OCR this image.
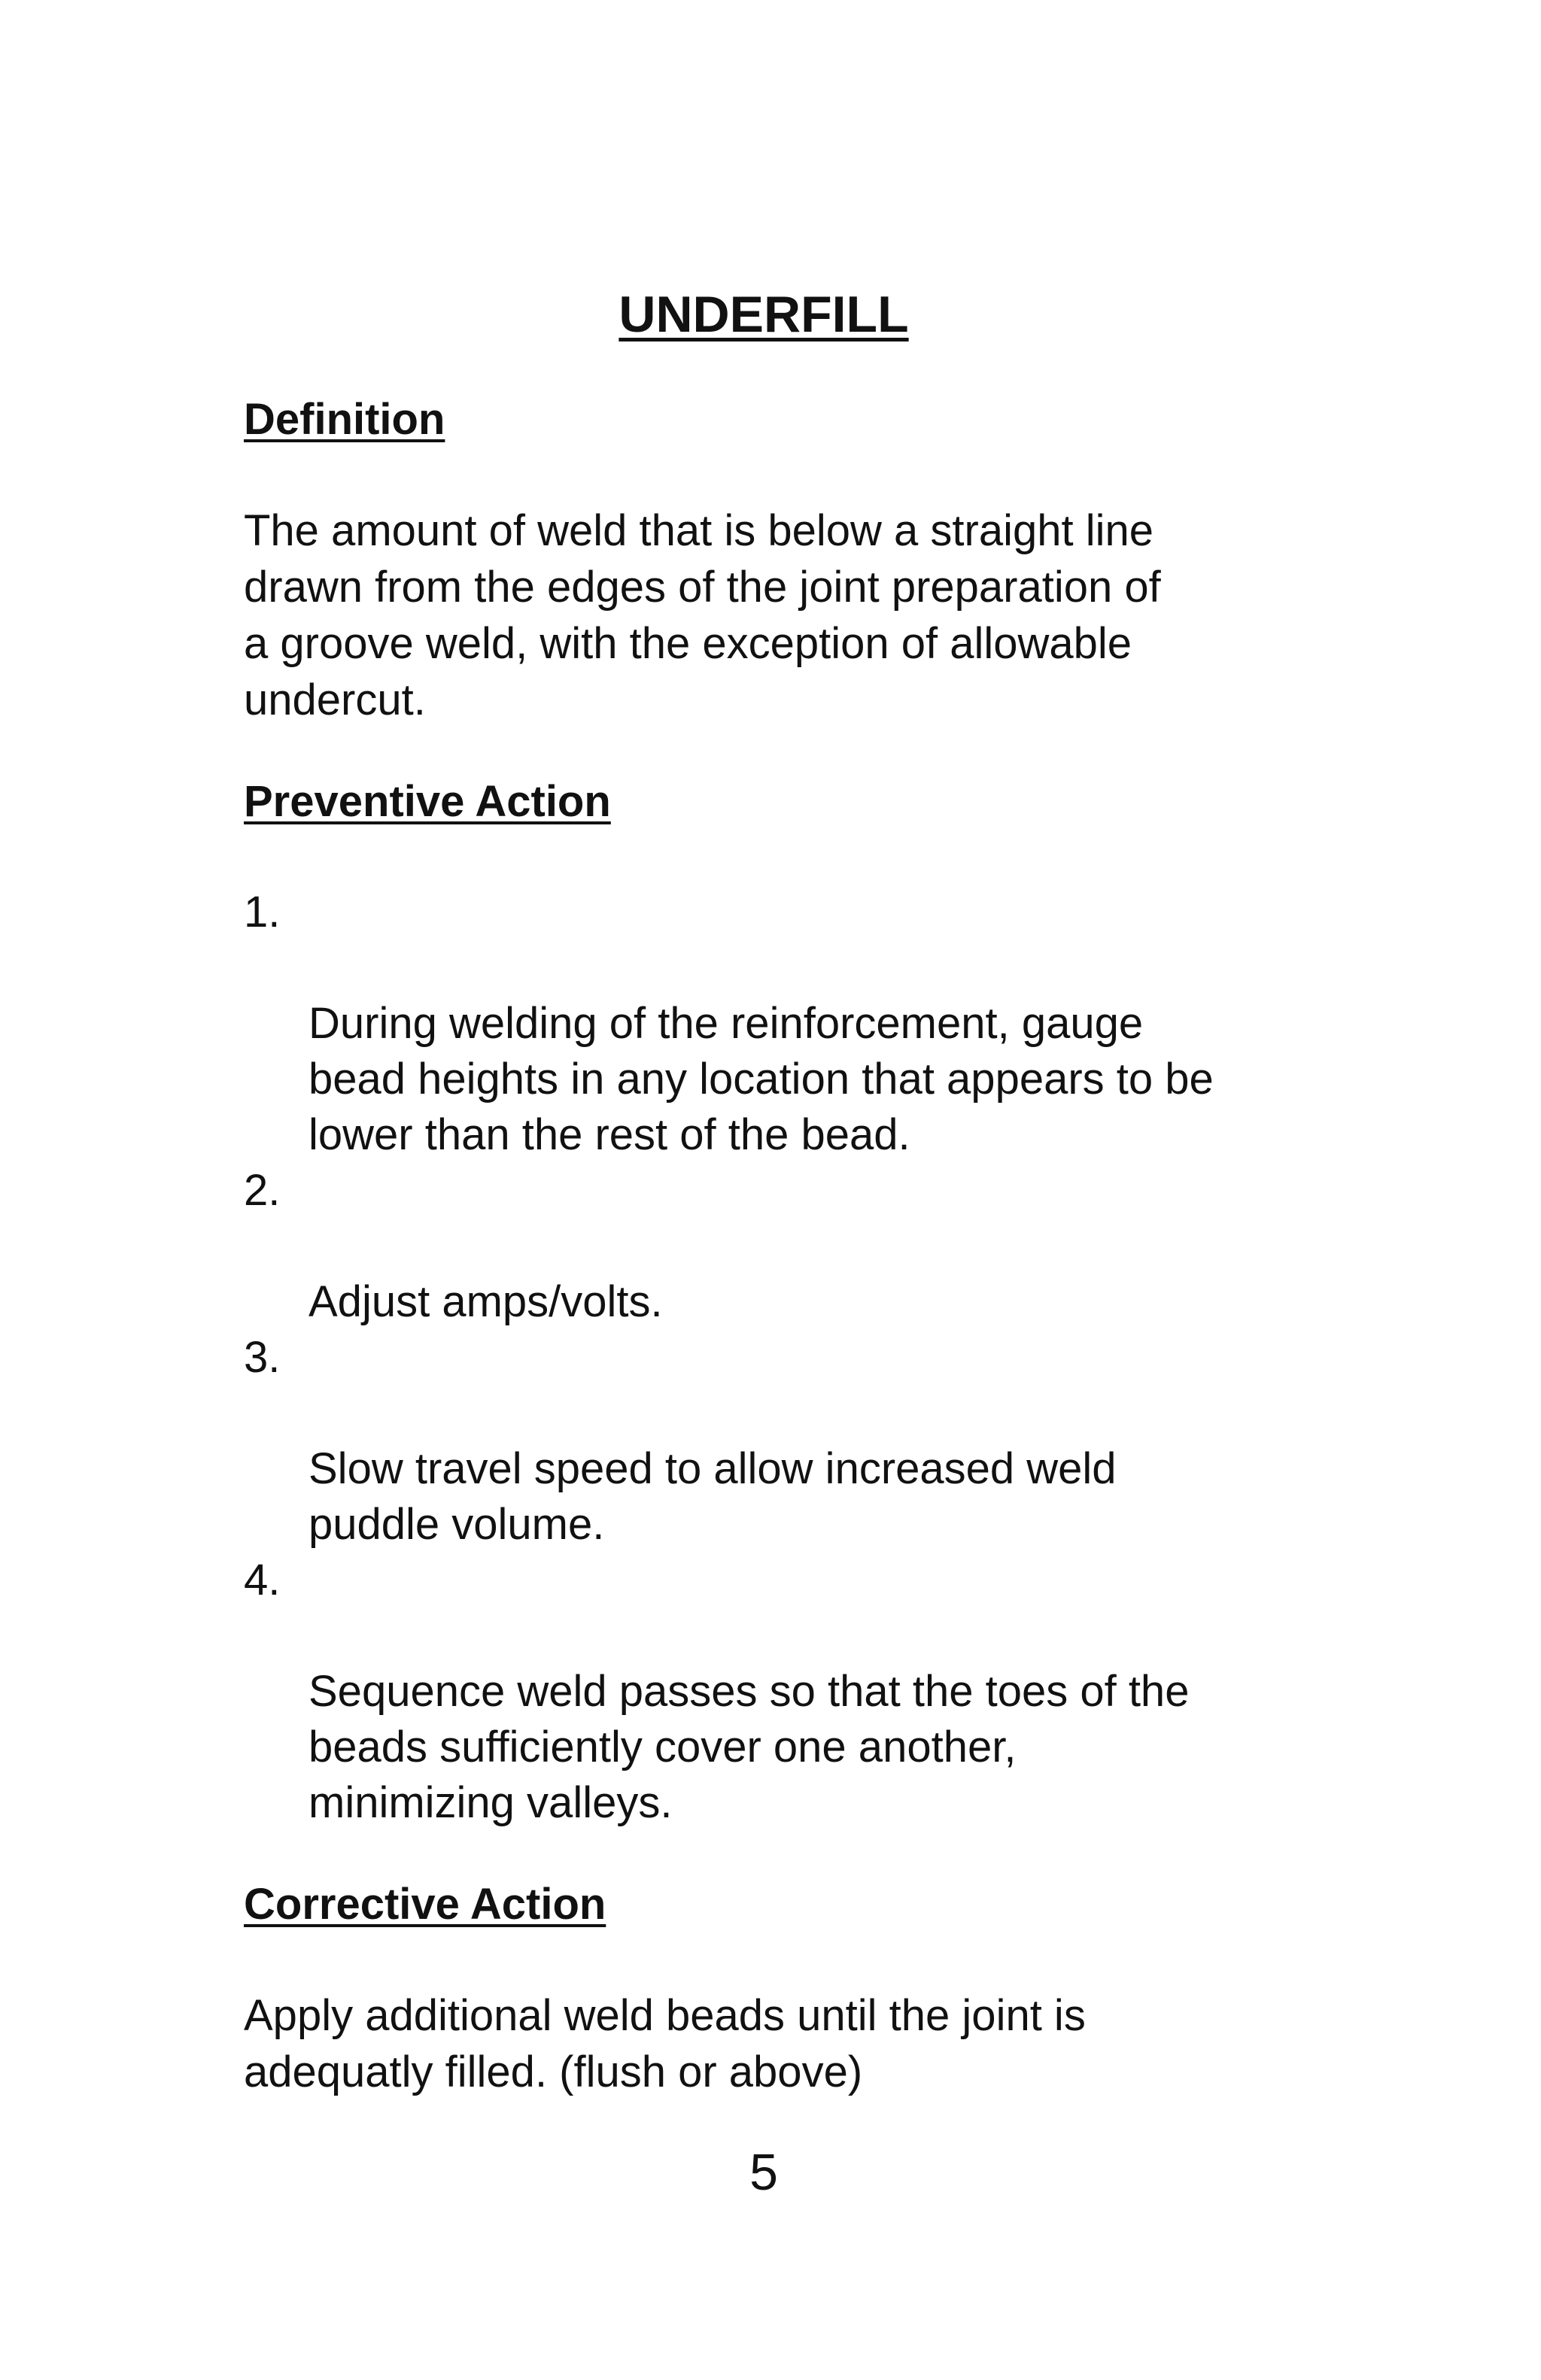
UNDERFILL
Definition

The amount of weld that is below a straight line
drawn from the edges of the joint preparation of
a groove weld, with the exception of allowable
undercut.

Preventive Action

1.

During welding of the reinforcement, gauge
bead heights in any location that appears to be
lower than the rest of the bead.

2.

Adjust amps/volts.

3.

Slow travel speed to allow increased weld
puddle volume.

4.

Sequence weld passes so that the toes of the
beads sufficiently cover one another,
minimizing valleys.

Corrective Action

Apply additional weld beads until the joint is
adequatly filled. (flush or above)

5
